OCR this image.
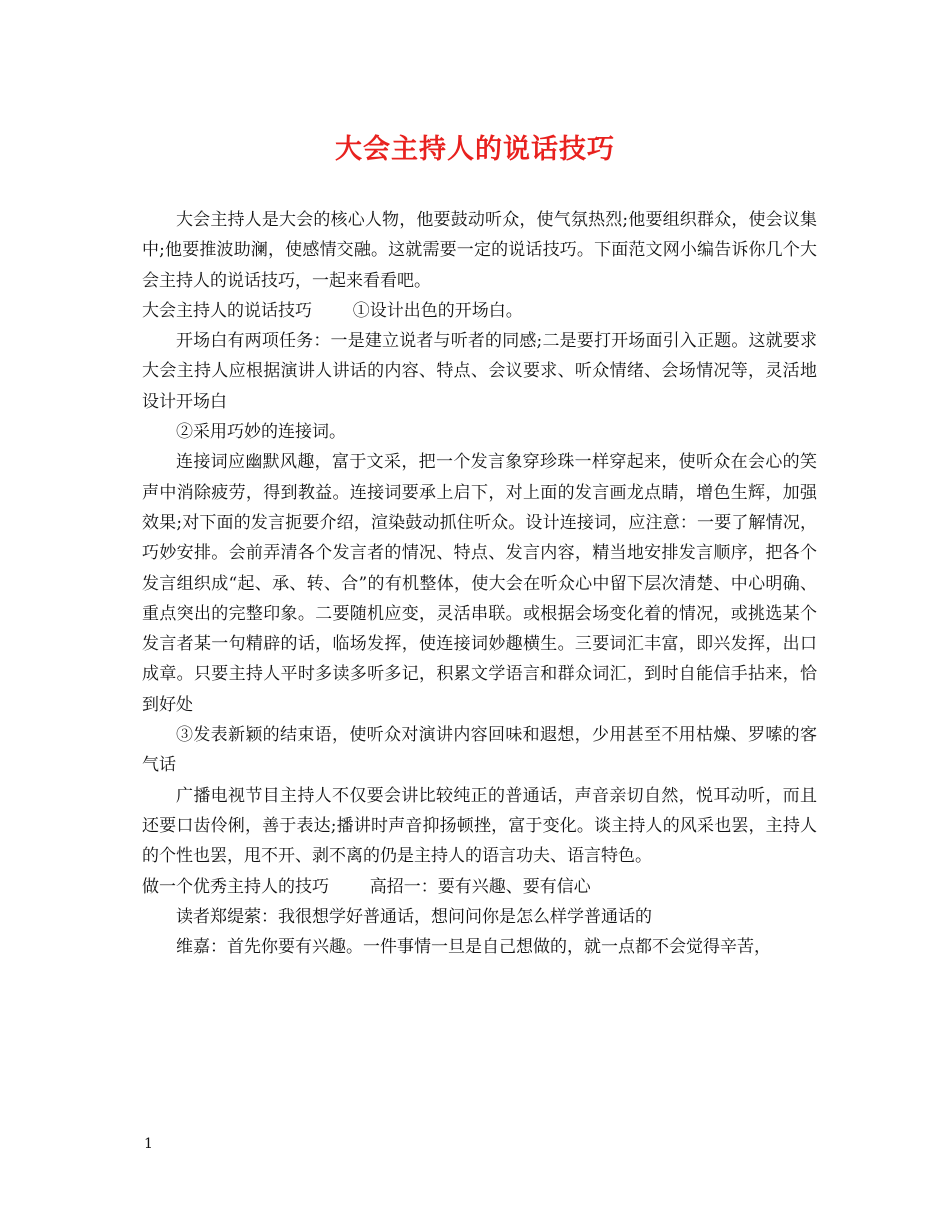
大会主持人的说话技巧

大会主持人是大会的核心人物，他要鼓动听众，使气氛热烈;他要组织群众，使会议集中;他要推波助澜，使感情交融。这就需要一定的说话技巧。下面范文网小编告诉你几个大会主持人的说话技巧，一起来看看吧。

大会主持人的说话技巧 ①设计出色的开场白。

开场白有两项任务：一是建立说者与听者的同感;二是要打开场面引入正题。这就要求大会主持人应根据演讲人讲话的内容、特点、会议要求、听众情绪、会场情况等，灵活地设计开场白

②采用巧妙的连接词。

连接词应幽默风趣，富于文采，把一个发言象穿珍珠一样穿起来，使听众在会心的笑声中消除疲劳，得到教益。连接词要承上启下，对上面的发言画龙点睛，增色生辉，加强效果;对下面的发言扼要介绍，渲染鼓动抓住听众。设计连接词，应注意：一要了解情况，巧妙安排。会前弄清各个发言者的情况、特点、发言内容，精当地安排发言顺序，把各个发言组织成“起、承、转、合”的有机整体，使大会在听众心中留下层次清楚、中心明确、重点突出的完整印象。二要随机应变，灵活串联。或根据会场变化着的情况，或挑选某个发言者某一句精辟的话，临场发挥，使连接词妙趣横生。三要词汇丰富，即兴发挥，出口成章。只要主持人平时多读多听多记，积累文学语言和群众词汇，到时自能信手拈来，恰到好处

③发表新颖的结束语，使听众对演讲内容回味和遐想，少用甚至不用枯燥、罗嗦的客气话

广播电视节目主持人不仅要会讲比较纯正的普通话，声音亲切自然，悦耳动听，而且还要口齿伶俐，善于表达;播讲时声音抑扬顿挫，富于变化。谈主持人的风采也罢，主持人的个性也罢，甩不开、剥不离的仍是主持人的语言功夫、语言特色。

做一个优秀主持人的技巧 高招一：要有兴趣、要有信心

读者郑缇萦：我很想学好普通话，想问问你是怎么样学普通话的

维嘉：首先你要有兴趣。一件事情一旦是自己想做的，就一点都不会觉得辛苦，

1
